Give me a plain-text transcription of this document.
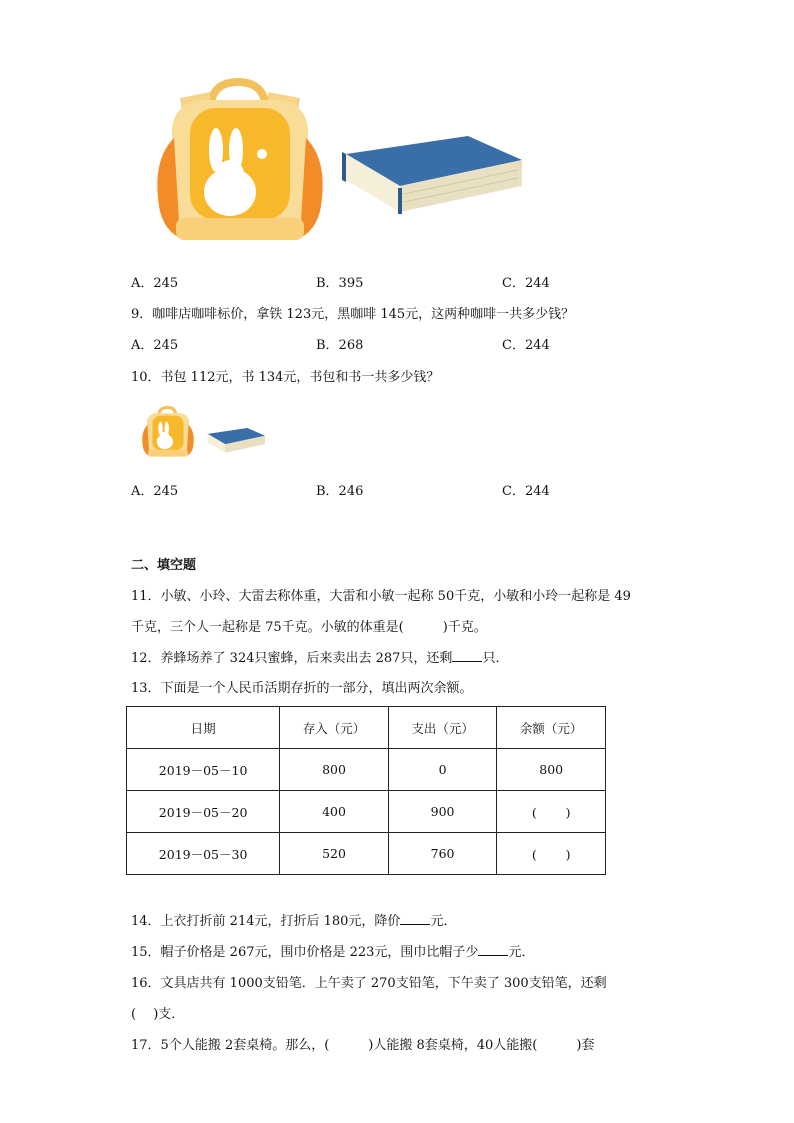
A．245	B．395	C．244
9．咖啡店咖啡标价，拿铁 123元，黑咖啡 145元，这两种咖啡一共多少钱？
A．245	B．268	C．244
10．书包 112元，书 134元，书包和书一共多少钱？
A．245	B．246	C．244
二、填空题
11．小敏、小玲、大雷去称体重，大雷和小敏一起称 50千克，小敏和小玲一起称是 49
千克，三个人一起称是 75千克。小敏的体重是(　　　)千克。
12．养蜂场养了 324只蜜蜂，后来卖出去 287只，还剩 只．
13．下面是一个人民币活期存折的一部分，填出两次余额。
日期	存入（元）	支出（元）	余额（元）
2019－05－10	800	0	800
2019－05－20	400	900	(　　 )
2019－05－30	520	760	(　　 )
14．上衣打折前 214元，打折后 180元，降价 元．
15．帽子价格是 267元，围巾价格是 223元，围巾比帽子少 元．
16．文具店共有 1000支铅笔．上午卖了 270支铅笔，下午卖了 300支铅笔，还剩
(　 )支．
17．5个人能搬 2套桌椅。那么，(　　　)人能搬 8套桌椅，40人能搬(　　　)套
